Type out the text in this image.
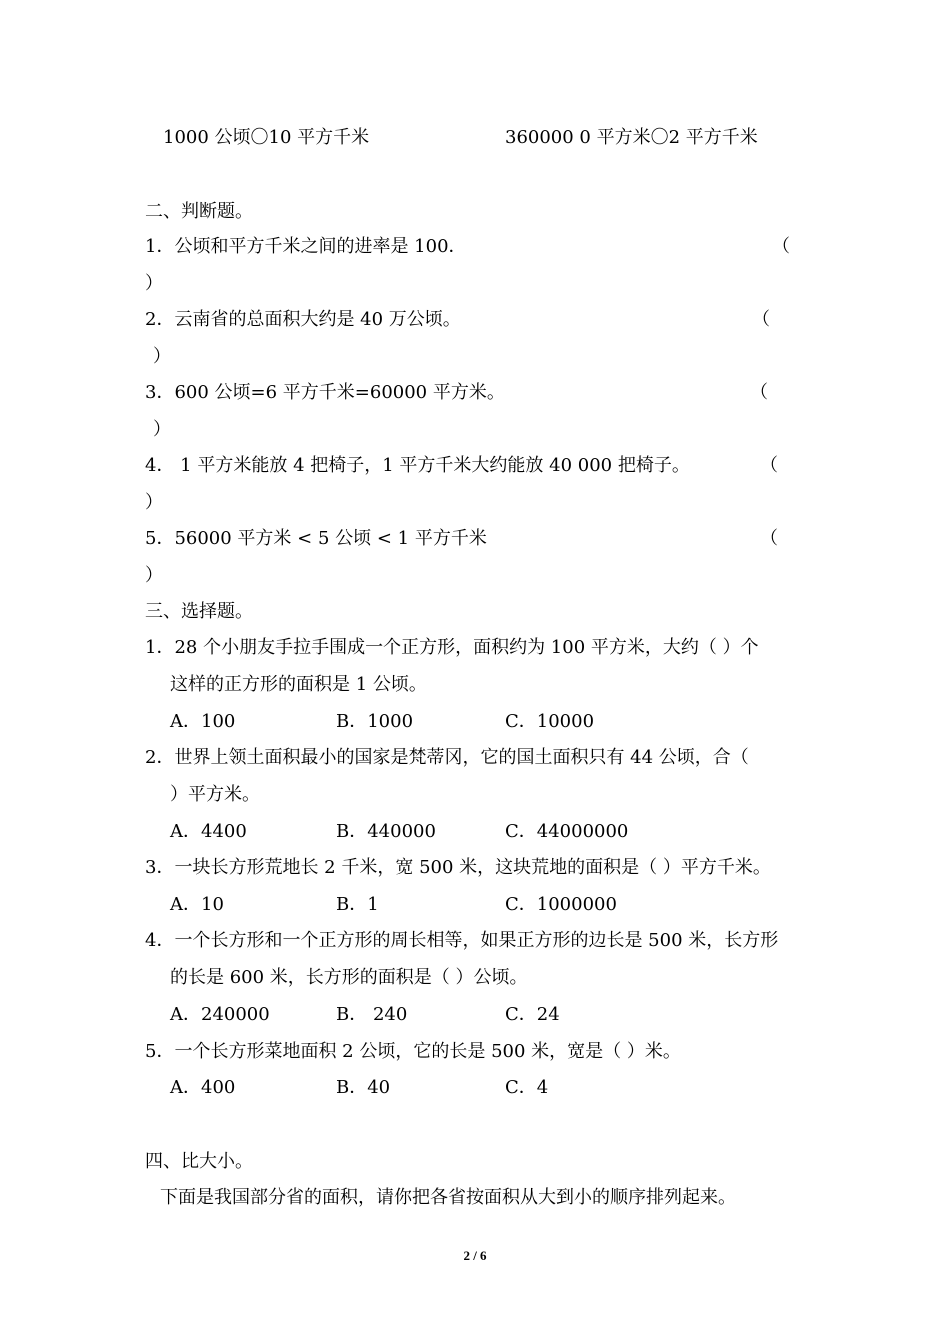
1000 公顷〇10 平方千米	360000 0 平方米〇2 平方千米
二、判断题。
1．公顷和平方千米之间的进率是 100．	（
）
2．云南省的总面积大约是 40 万公顷。	（
）
3．600 公顷=6 平方千米=60000 平方米。	（
）
4． 1 平方米能放 4 把椅子，1 平方千米大约能放 40 000 把椅子。	（
）
5．56000 平方米 < 5 公顷 < 1 平方千米	（
）
三、选择题。
1．28 个小朋友手拉手围成一个正方形，面积约为 100 平方米，大约（ ）个
这样的正方形的面积是 1 公顷。
A．100	B．1000	C．10000
2．世界上领土面积最小的国家是梵蒂冈，它的国土面积只有 44 公顷，合（
）平方米。
A．4400	B．440000	C．44000000
3．一块长方形荒地长 2 千米，宽 500 米，这块荒地的面积是（ ）平方千米。
A．10	B．1	C．1000000
4．一个长方形和一个正方形的周长相等，如果正方形的边长是 500 米，长方形
的长是 600 米，长方形的面积是（ ）公顷。
A．240000	B． 240	C．24
5．一个长方形菜地面积 2 公顷，它的长是 500 米，宽是（ ）米。
A．400	B．40	C．4
四、比大小。
下面是我国部分省的面积，请你把各省按面积从大到小的顺序排列起来。
2 / 6
